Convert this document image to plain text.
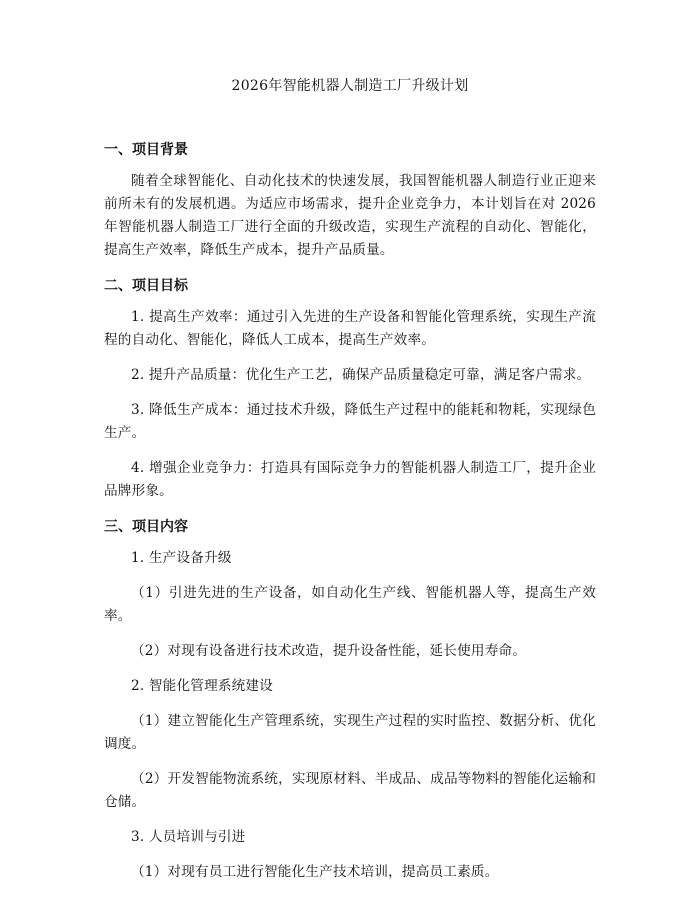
2026年智能机器人制造工厂升级计划
一、项目背景

随着全球智能化、自动化技术的快速发展，我国智能机器人制造行业正迎来前所未有的发展机遇。为适应市场需求，提升企业竞争力，本计划旨在对 2026 年智能机器人制造工厂进行全面的升级改造，实现生产流程的自动化、智能化，提高生产效率，降低生产成本，提升产品质量。

二、项目目标

1. 提高生产效率：通过引入先进的生产设备和智能化管理系统，实现生产流程的自动化、智能化，降低人工成本，提高生产效率。

2. 提升产品质量：优化生产工艺，确保产品质量稳定可靠，满足客户需求。

3. 降低生产成本：通过技术升级，降低生产过程中的能耗和物耗，实现绿色生产。

4. 增强企业竞争力：打造具有国际竞争力的智能机器人制造工厂，提升企业品牌形象。

三、项目内容

1. 生产设备升级

（1）引进先进的生产设备，如自动化生产线、智能机器人等，提高生产效率。

（2）对现有设备进行技术改造，提升设备性能，延长使用寿命。

2. 智能化管理系统建设

（1）建立智能化生产管理系统，实现生产过程的实时监控、数据分析、优化调度。

（2）开发智能物流系统，实现原材料、半成品、成品等物料的智能化运输和仓储。

3. 人员培训与引进

（1）对现有员工进行智能化生产技术培训，提高员工素质。
